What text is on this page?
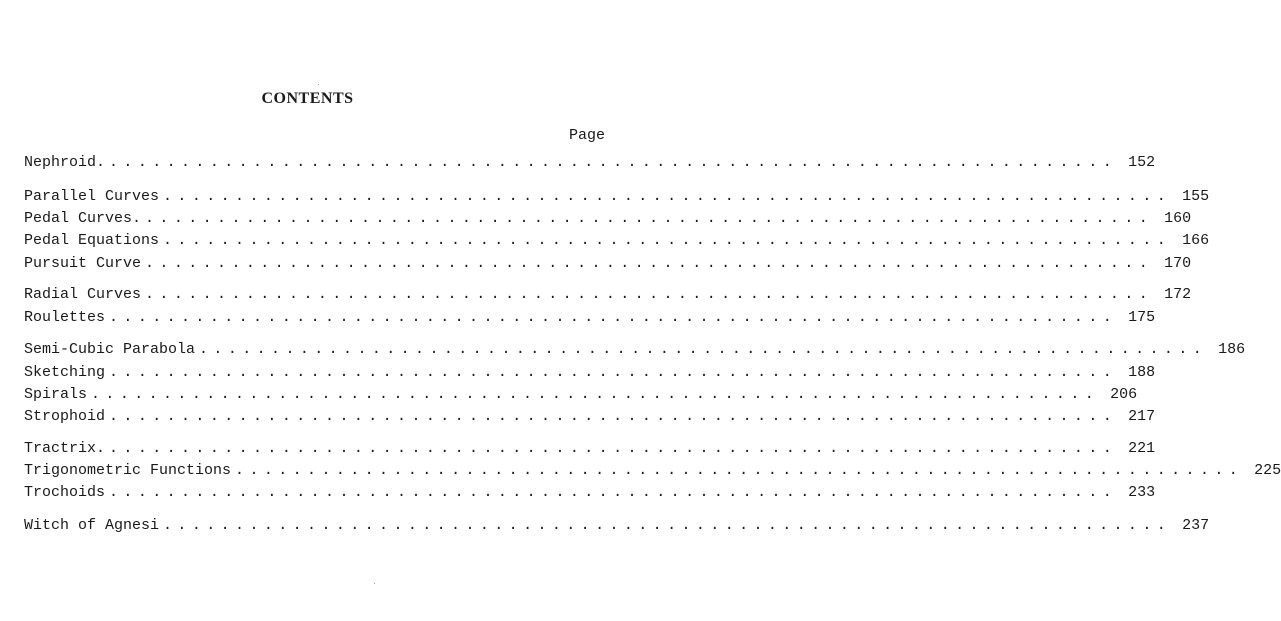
CONTENTS
Page
Nephroid. ...................................................................... 152
Parallel Curves ...................................................................... 155
Pedal Curves. ...................................................................... 160
Pedal Equations ...................................................................... 166
Pursuit Curve ...................................................................... 170
Radial Curves ...................................................................... 172
Roulettes ...................................................................... 175
Semi-Cubic Parabola ...................................................................... 186
Sketching ...................................................................... 188
Spirals ...................................................................... 206
Strophoid ...................................................................... 217
Tractrix. ...................................................................... 221
Trigonometric Functions ...................................................................... 225
Trochoids ...................................................................... 233
Witch of Agnesi ...................................................................... 237
